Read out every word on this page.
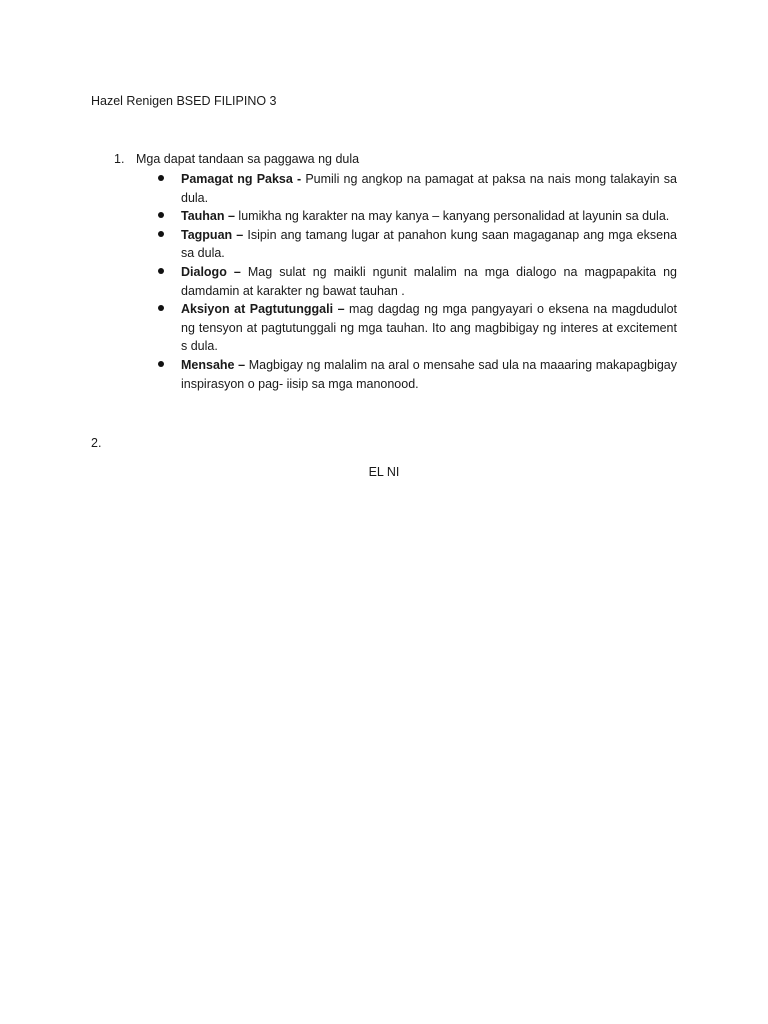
Hazel Renigen BSED FILIPINO 3
1. Mga dapat tandaan sa paggawa ng dula
Pamagat ng Paksa - Pumili ng angkop na pamagat at paksa na nais mong talakayin sa dula.
Tauhan – lumikha ng karakter na may kanya – kanyang personalidad at layunin sa dula.
Tagpuan – Isipin ang tamang lugar at panahon kung saan magaganap ang mga eksena sa dula.
Dialogo – Mag sulat ng maikli ngunit malalim na mga dialogo na magpapakita ng damdamin at karakter ng bawat tauhan .
Aksiyon at Pagtutunggali – mag dagdag ng mga pangyayari o eksena na magdudulot ng tensyon at pagtutunggali ng mga tauhan. Ito ang magbibigay ng interes at excitement s dula.
Mensahe – Magbigay ng malalim na aral o mensahe sad ula na maaaring makapagbigay inspirasyon o pag- iisip sa mga manonood.
2.
EL NI
